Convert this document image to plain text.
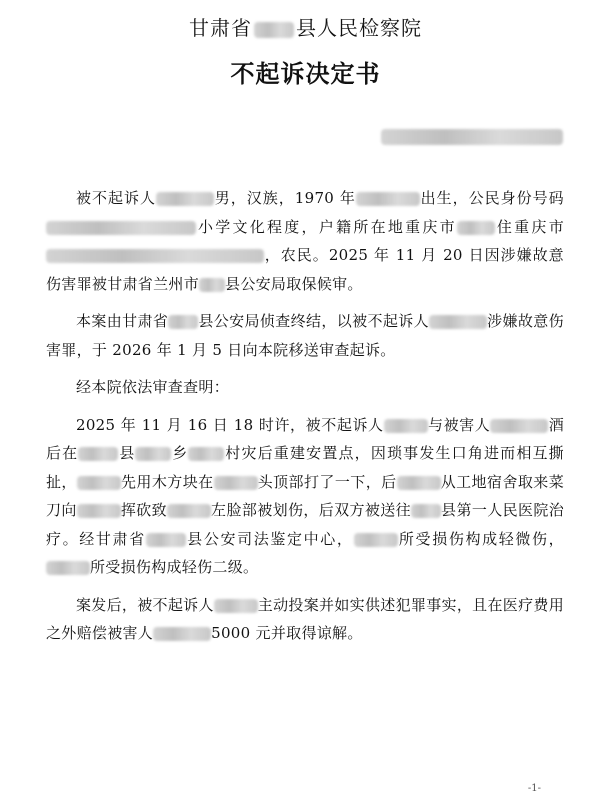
甘肃省 县人民检察院
不起诉决定书

被不起诉人	男，汉族，1970 年	出生，公民身份号码小学文化程度，户籍所在地重庆市	住重庆市，农民。2025 年 11 月 20 日因涉嫌故意伤害罪被甘肃省兰州市 县公安局取保候审。

本案由甘肃省 县公安局侦查终结，以被不起诉人	涉嫌故意伤害罪，于 2026 年 1 月 5 日向本院移送审查起诉。

经本院依法审查查明：

2025 年 11 月 16 日 18 时许，被不起诉人	与被害人	酒后在	县 乡 村灾后重建安置点，因琐事发生口角进而相互撕扯，	先用木方块在	头顶部打了一下，后	从工地宿舍取来菜刀向	挥砍致	左脸部被划伤，后双方被送往 县第一人民医院治疗。经甘肃省	县公安司法鉴定中心，	所受损伤构成轻微伤，所受损伤构成轻伤二级。

案发后，被不起诉人	主动投案并如实供述犯罪事实，且在医疗费用之外赔偿被害人	5000 元并取得谅解。

-1-
